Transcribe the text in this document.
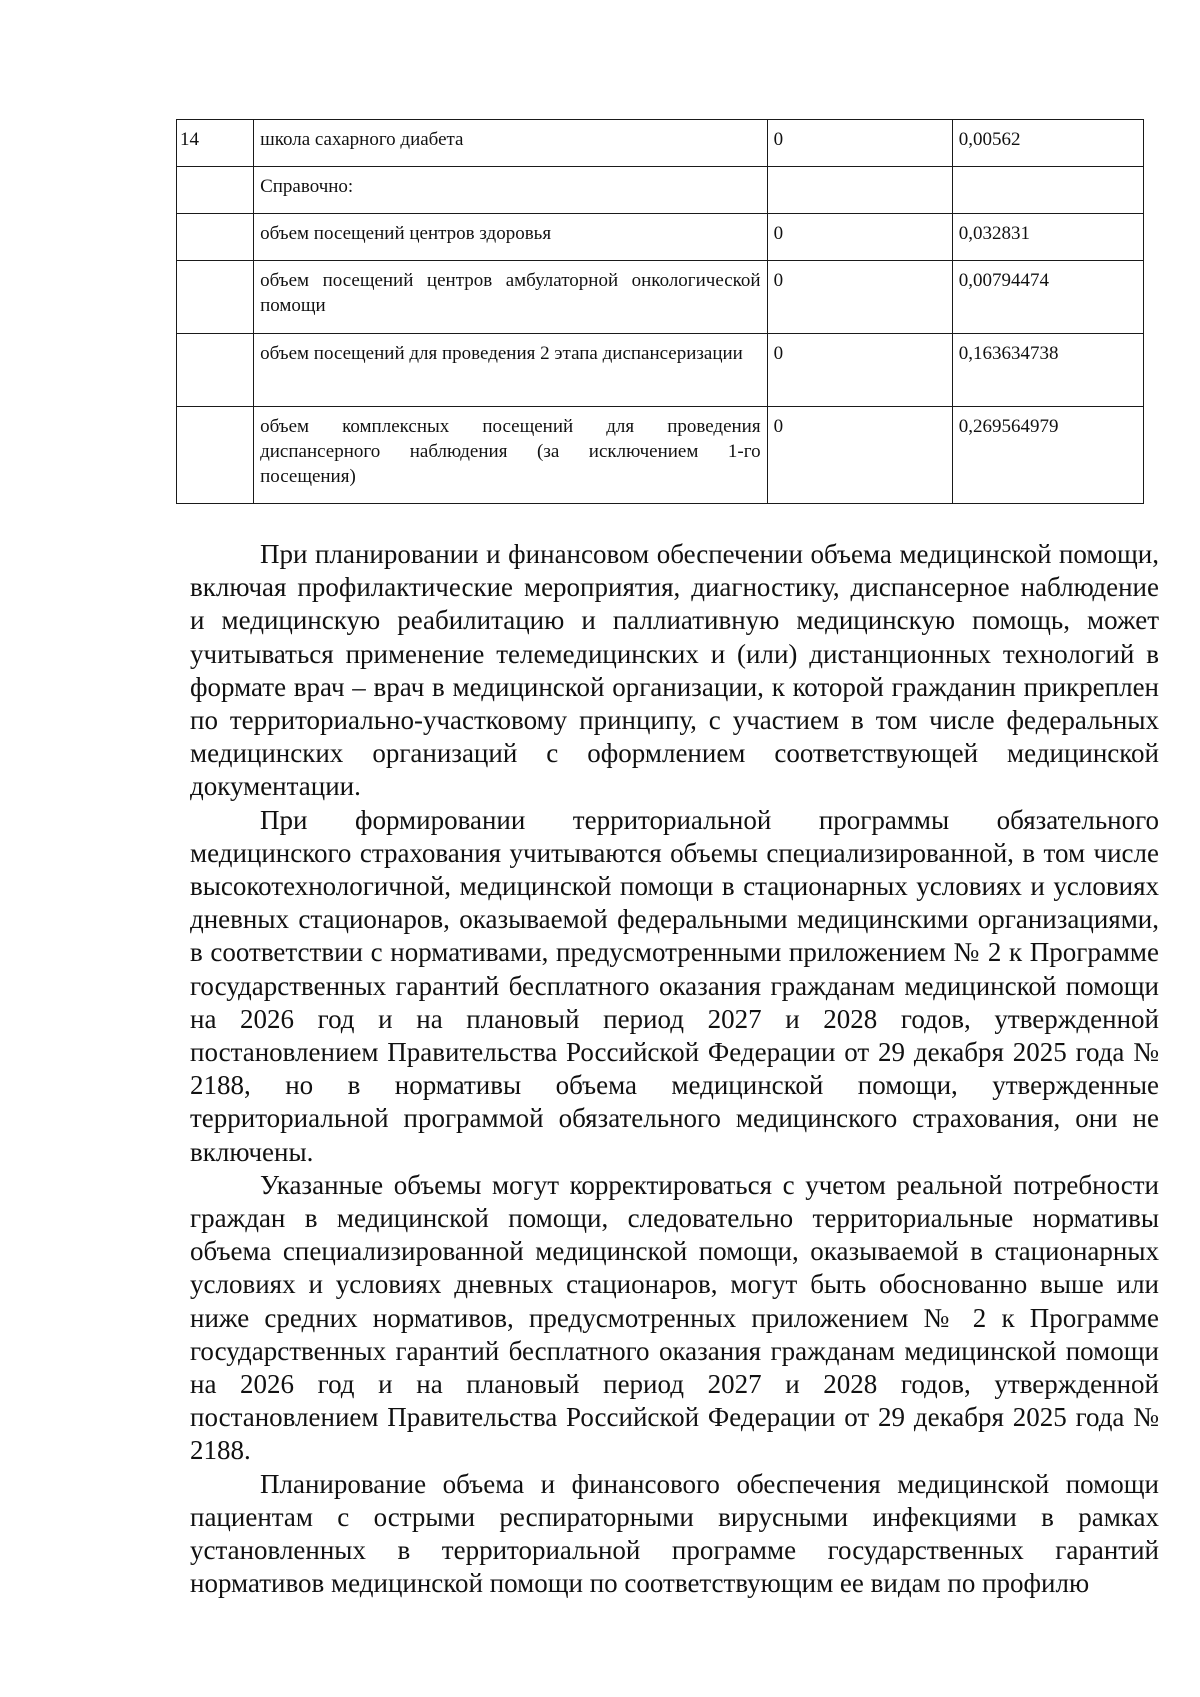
14	школа сахарного диабета	0	0,00562
	Справочно:		
	объем посещений центров здоровья	0	0,032831
	объем посещений центров амбулаторной онкологической помощи	0	0,00794474
	объем посещений для проведения 2 этапа диспансеризации	0	0,163634738
	объем комплексных посещений для проведения диспансерного наблюдения (за исключением 1-го посещения)	0	0,269564979

При планировании и финансовом обеспечении объема медицинской помощи, включая профилактические мероприятия, диагностику, диспансерное наблюдение и медицинскую реабилитацию и паллиативную медицинскую помощь, может учитываться применение телемедицинских и (или) дистанционных технологий в формате врач – врач в медицинской организации, к которой гражданин прикреплен по территориально-участковому принципу, с участием в том числе федеральных медицинских организаций с оформлением соответствующей медицинской документации.

При формировании территориальной программы обязательного медицинского страхования учитываются объемы специализированной, в том числе высокотехнологичной, медицинской помощи в стационарных условиях и условиях дневных стационаров, оказываемой федеральными медицинскими организациями, в соответствии с нормативами, предусмотренными приложением № 2 к Программе государственных гарантий бесплатного оказания гражданам медицинской помощи на 2026 год и на плановый период 2027 и 2028 годов, утвержденной постановлением Правительства Российской Федерации от 29 декабря 2025 года № 2188, но в нормативы объема медицинской помощи, утвержденные территориальной программой обязательного медицинского страхования, они не включены.

Указанные объемы могут корректироваться с учетом реальной потребности граждан в медицинской помощи, следовательно территориальные нормативы объема специализированной медицинской помощи, оказываемой в стационарных условиях и условиях дневных стационаров, могут быть обоснованно выше или ниже средних нормативов, предусмотренных приложением № 2 к Программе государственных гарантий бесплатного оказания гражданам медицинской помощи на 2026 год и на плановый период 2027 и 2028 годов, утвержденной постановлением Правительства Российской Федерации от 29 декабря 2025 года № 2188.

Планирование объема и финансового обеспечения медицинской помощи пациентам с острыми респираторными вирусными инфекциями в рамках установленных в территориальной программе государственных гарантий нормативов медицинской помощи по соответствующим ее видам по профилю
